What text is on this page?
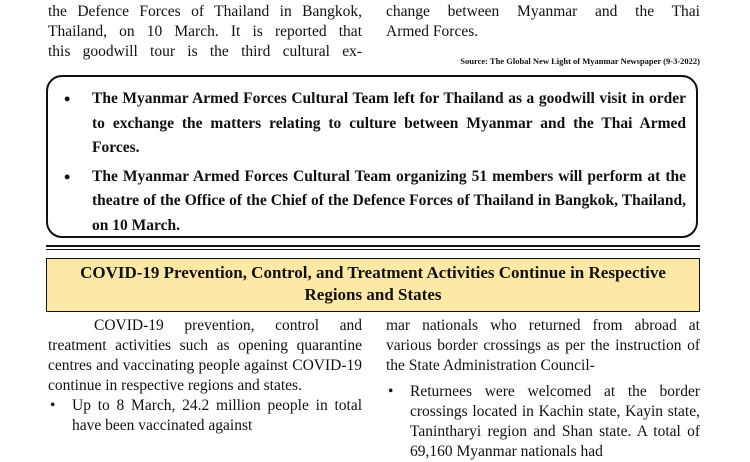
the Defence Forces of Thailand in Bangkok,

Thailand, on 10 March. It is reported that

this goodwill tour is the third cultural ex-

change between Myanmar and the Thai

Armed Forces.

Source: The Global New Light of Myanmar Newspaper (9-3-2022)
• The Myanmar Armed Forces Cultural Team left for Thailand as a goodwill visit in order to exchange the matters relating to culture between Myanmar and the Thai Armed Forces.
• The Myanmar Armed Forces Cultural Team organizing 51 members will perform at the theatre of the Office of the Chief of the Defence Forces of Thailand in Bangkok, Thailand, on 10 March.
COVID-19 Prevention, Control, and Treatment Activities Continue in Respective Regions and States

COVID-19 prevention, control and treatment activities such as opening quarantine centres and vaccinating people against COVID-19 continue in respective regions and states.

• Up to 8 March, 24.2 million people in total have been vaccinated against

mar nationals who returned from abroad at various border crossings as per the instruction of the State Administration Council-

• Returnees were welcomed at the border crossings located in Kachin state, Kayin state, Tanintharyi region and Shan state. A total of 69,160 Myanmar nationals had
